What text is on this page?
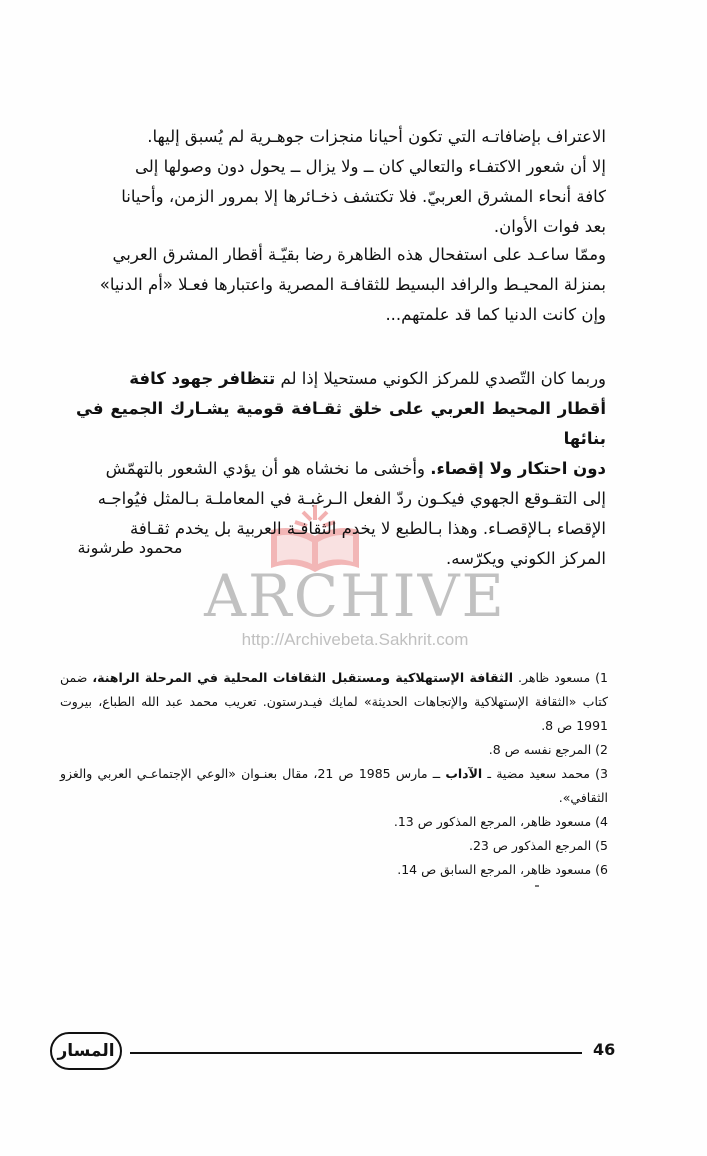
ARCHIVE
http://Archivebeta.Sakhrit.com

الاعتراف بإضافاتـه التي تكون أحيانا منجزات جوهـرية لم يُسبق إليها.

إلا أن شعور الاكتفـاء والتعالي كان ــ ولا يزال ــ يحول دون وصولها إلى

كافة أنحاء المشرق العربيّ. فلا تكتشف ذخـائرها إلا بمرور الزمن، وأحيانا

بعد فوات الأوان.

وممّا ساعـد على استفحال هذه الظاهرة رضا بقيّـة أقطار المشرق العربي

بمنزلة المحيـط والرافد البسيط للثقافـة المصرية واعتبارها فعـلا «أم الدنيا»

وإن كانت الدنيا كما قد علمتهم...

وربما كان التّصدي للمركز الكوني مستحيلا إذا لم تتظافر جهود كافة

أقطار المحيط العربي على خلق ثقـافة قومية يشـارك الجميع في بنائها

دون احتكار ولا إقصاء. وأخشى ما نخشاه هو أن يؤدي الشعور بالتهمّش

إلى التقـوقع الجهوي فيكـون ردّ الفعل الـرغبـة في المعاملـة بـالمثل فيُواجـه

الإقصاء بـالإقصـاء. وهذا بـالطبع لا يخدم الثقافـة العربية بل يخدم ثقـافة

المركز الكوني ويكرّسه.

محمود طرشونة

1) مسعود ظاهر. الثقافة الإستهلاكية ومستقبل الثقافات المحلية في المرحلة الراهنة، ضمن كتاب «الثقافة الإستهلاكية والإتجاهات الحديثة» لمايك فيـدرستون. تعريب محمد عبد الله الطباع، بيروت 1991 ص 8.

2) المرجع نفسه ص 8.

3) محمد سعيد مضية ـ الآداب ــ مارس 1985 ص 21، مقال بعنـوان «الوعي الإجتماعـي العربي والغزو الثقافي».

4) مسعود ظاهر، المرجع المذكور ص 13.

5) المرجع المذكور ص 23.

6) مسعود ظاهر، المرجع السابق ص 14.

46
المسار
